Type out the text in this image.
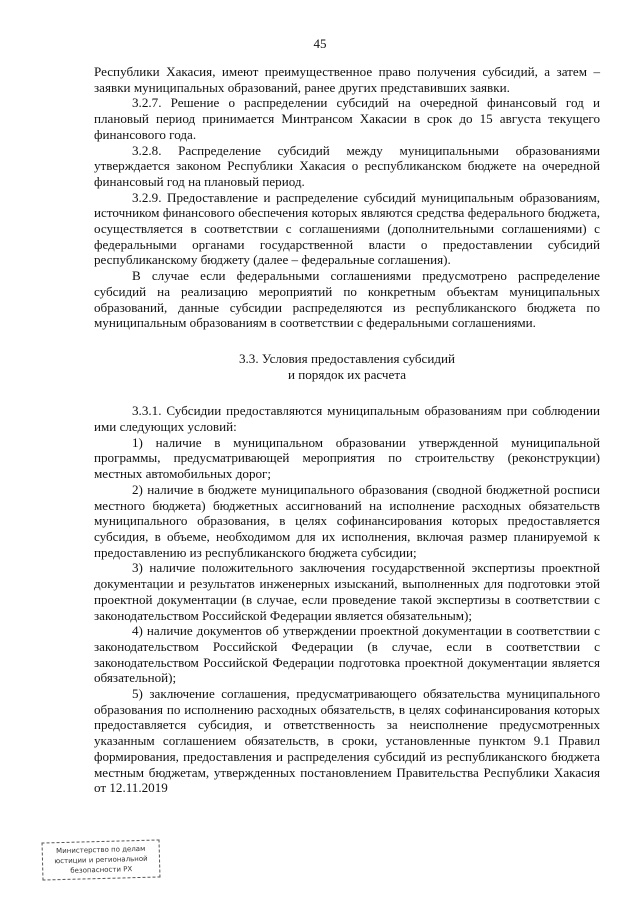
45

Республики Хакасия, имеют преимущественное право получения субсидий, а затем – заявки муниципальных образований, ранее других представивших заявки.

3.2.7. Решение о распределении субсидий на очередной финансовый год и плановый период принимается Минтрансом Хакасии в срок до 15 августа текущего финансового года.

3.2.8. Распределение субсидий между муниципальными образованиями утверждается законом Республики Хакасия о республиканском бюджете на очередной финансовый год на плановый период.

3.2.9. Предоставление и распределение субсидий муниципальным образованиям, источником финансового обеспечения которых являются средства федерального бюджета, осуществляется в соответствии с соглашениями (дополнительными соглашениями) с федеральными органами государственной власти о предоставлении субсидий республиканскому бюджету (далее – федеральные соглашения).

В случае если федеральными соглашениями предусмотрено распределение субсидий на реализацию мероприятий по конкретным объектам муниципальных образований, данные субсидии распределяются из республиканского бюджета по муниципальным образованиям в соответствии с федеральными соглашениями.

3.3. Условия предоставления субсидий
и порядок их расчета

3.3.1. Субсидии предоставляются муниципальным образованиям при соблюдении ими следующих условий:

1) наличие в муниципальном образовании утвержденной муниципальной программы, предусматривающей мероприятия по строительству (реконструкции) местных автомобильных дорог;

2) наличие в бюджете муниципального образования (сводной бюджетной росписи местного бюджета) бюджетных ассигнований на исполнение расходных обязательств муниципального образования, в целях софинансирования которых предоставляется субсидия, в объеме, необходимом для их исполнения, включая размер планируемой к предоставлению из республиканского бюджета субсидии;

3) наличие положительного заключения государственной экспертизы проектной документации и результатов инженерных изысканий, выполненных для подготовки этой проектной документации (в случае, если проведение такой экспертизы в соответствии с законодательством Российской Федерации является обязательным);

4) наличие документов об утверждении проектной документации в соответствии с законодательством Российской Федерации (в случае, если в соответствии с законодательством Российской Федерации подготовка проектной документации является обязательной);

5) заключение соглашения, предусматривающего обязательства муниципального образования по исполнению расходных обязательств, в целях софинансирования которых предоставляется субсидия, и ответственность за неисполнение предусмотренных указанным соглашением обязательств, в сроки, установленные пунктом 9.1 Правил формирования, предоставления и распределения субсидий из республиканского бюджета местным бюджетам, утвержденных постановлением Правительства Республики Хакасия от 12.11.2019

Министерство по делам
юстиции и региональной
безопасности РХ
